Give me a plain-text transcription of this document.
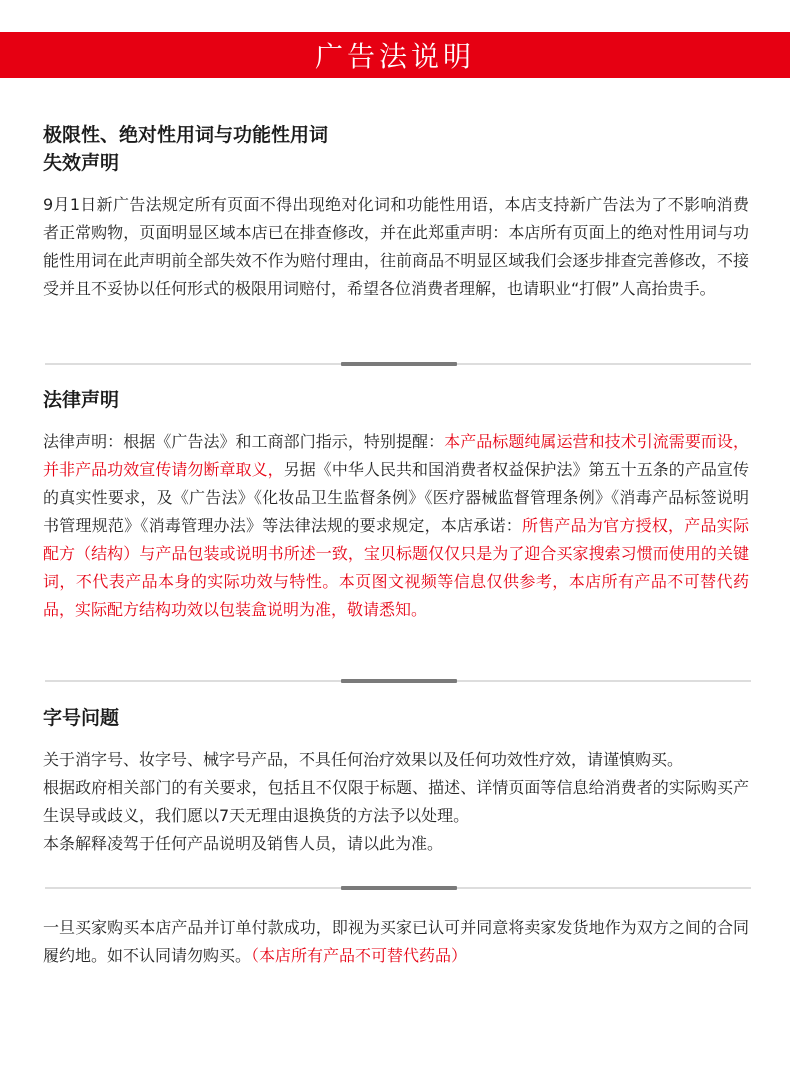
广告法说明
极限性、绝对性用词与功能性用词
失效声明
9月1日新广告法规定所有页面不得出现绝对化词和功能性用语，本店支持新广告法为了不影响消费者正常购物，页面明显区域本店已在排查修改，并在此郑重声明：本店所有页面上的绝对性用词与功能性用词在此声明前全部失效不作为赔付理由，往前商品不明显区域我们会逐步排查完善修改，不接受并且不妥协以任何形式的极限用词赔付，希望各位消费者理解，也请职业“打假”人高抬贵手。
法律声明
法律声明：根据《广告法》和工商部门指示，特别提醒：本产品标题纯属运营和技术引流需要而设，并非产品功效宣传请勿断章取义，另据《中华人民共和国消费者权益保护法》第五十五条的产品宣传的真实性要求，及《广告法》《化妆品卫生监督条例》《医疗器械监督管理条例》《消毒产品标签说明书管理规范》《消毒管理办法》等法律法规的要求规定，本店承诺：所售产品为官方授权，产品实际配方（结构）与产品包装或说明书所述一致，宝贝标题仅仅只是为了迎合买家搜索习惯而使用的关键词，不代表产品本身的实际功效与特性。本页图文视频等信息仅供参考，本店所有产品不可替代药品，实际配方结构功效以包装盒说明为准，敬请悉知。
字号问题
关于消字号、妆字号、械字号产品，不具任何治疗效果以及任何功效性疗效，请谨慎购买。
根据政府相关部门的有关要求，包括且不仅限于标题、描述、详情页面等信息给消费者的实际购买产生误导或歧义，我们愿以7天无理由退换货的方法予以处理。
本条解释凌驾于任何产品说明及销售人员，请以此为准。
一旦买家购买本店产品并订单付款成功，即视为买家已认可并同意将卖家发货地作为双方之间的合同履约地。如不认同请勿购买。（本店所有产品不可替代药品）
